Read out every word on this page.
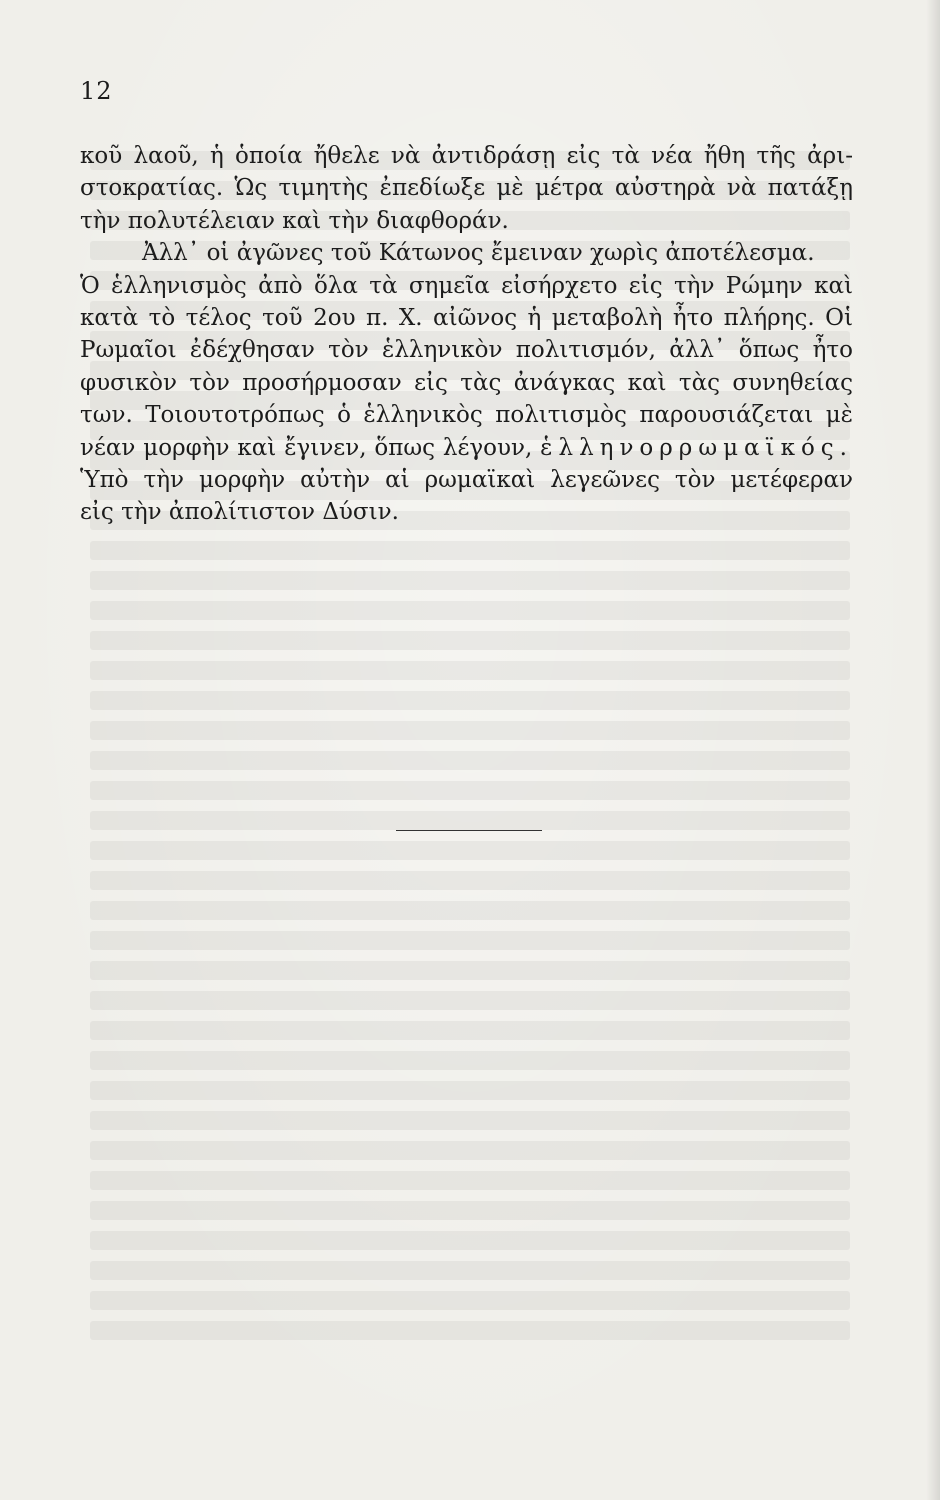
12
κοῦ λαοῦ, ἡ ὁποία ἤθελε νὰ ἀντιδράσῃ εἰς τὰ νέα ἤθη τῆς ἀρι-
στοκρατίας. Ὡς τιμητὴς ἐπεδίωξε μὲ μέτρα αὐστηρὰ νὰ πατάξῃ
τὴν πολυτέλειαν καὶ τὴν διαφθοράν.
Ἀλλ᾿ οἱ ἀγῶνες τοῦ Κάτωνος ἔμειναν χωρὶς ἀποτέλεσμα.
Ὁ ἑλληνισμὸς ἀπὸ ὅλα τὰ σημεῖα εἰσήρχετο εἰς τὴν Ρώμην καὶ
κατὰ τὸ τέλος τοῦ 2ου π. Χ. αἰῶνος ἡ μεταβολὴ ἦτο πλήρης. Οἱ
Ρωμαῖοι ἐδέχθησαν τὸν ἑλληνικὸν πολιτισμόν, ἀλλ᾿ ὅπως ἦτο
φυσικὸν τὸν προσήρμοσαν εἰς τὰς ἀνάγκας καὶ τὰς συνηθείας
των. Τοιουτοτρόπως ὁ ἑλληνικὸς πολιτισμὸς παρουσιάζεται μὲ
νέαν μορφὴν καὶ ἔγινεν, ὅπως λέγουν, ἑλληνορρωμαϊκός.
Ὑπὸ τὴν μορφὴν αὐτὴν αἱ ρωμαϊκαὶ λεγεῶνες τὸν μετέφεραν
εἰς τὴν ἀπολίτιστον Δύσιν.
